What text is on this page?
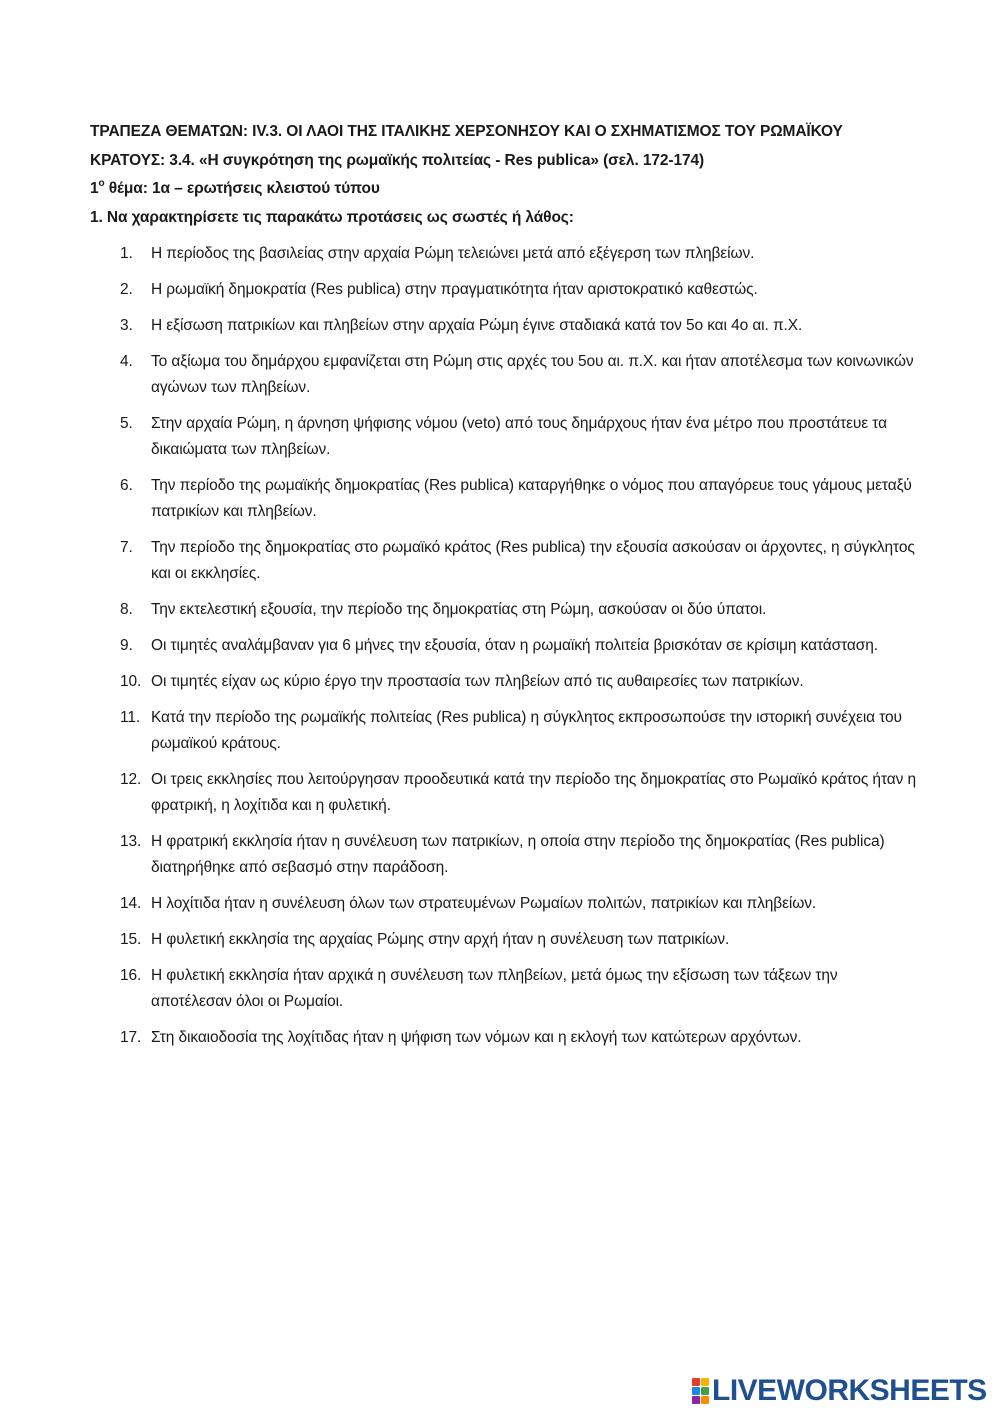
ΤΡΑΠΕΖΑ ΘΕΜΑΤΩΝ: IV.3. ΟΙ ΛΑΟΙ ΤΗΣ ΙΤΑΛΙΚΗΣ ΧΕΡΣΟΝΗΣΟΥ ΚΑΙ Ο ΣΧΗΜΑΤΙΣΜΟΣ ΤΟΥ ΡΩΜΑΪΚΟΥ
ΚΡΑΤΟΥΣ: 3.4. «Η συγκρότηση της ρωμαϊκής πολιτείας - Res publica» (σελ. 172-174)
$1^o$ θέμα: 1α – ερωτήσεις κλειστού τύπου
1. Να χαρακτηρίσετε τις παρακάτω προτάσεις ως σωστές ή λάθος:
1. Η περίοδος της βασιλείας στην αρχαία Ρώμη τελειώνει μετά από εξέγερση των πληβείων.
2. Η ρωμαϊκή δημοκρατία (Res publica) στην πραγματικότητα ήταν αριστοκρατικό καθεστώς.
3. Η εξίσωση πατρικίων και πληβείων στην αρχαία Ρώμη έγινε σταδιακά κατά τον 5ο και 4ο αι. π.Χ.
4. Το αξίωμα του δημάρχου εμφανίζεται στη Ρώμη στις αρχές του 5ου αι. π.Χ. και ήταν αποτέλεσμα των κοινωνικών αγώνων των πληβείων.
5. Στην αρχαία Ρώμη, η άρνηση ψήφισης νόμου (veto) από τους δημάρχους ήταν ένα μέτρο που προστάτευε τα δικαιώματα των πληβείων.
6. Την περίοδο της ρωμαϊκής δημοκρατίας (Res publica) καταργήθηκε ο νόμος που απαγόρευε τους γάμους μεταξύ πατρικίων και πληβείων.
7. Την περίοδο της δημοκρατίας στο ρωμαϊκό κράτος (Res publica) την εξουσία ασκούσαν οι άρχοντες, η σύγκλητος και οι εκκλησίες.
8. Την εκτελεστική εξουσία, την περίοδο της δημοκρατίας στη Ρώμη, ασκούσαν οι δύο ύπατοι.
9. Οι τιμητές αναλάμβαναν για 6 μήνες την εξουσία, όταν η ρωμαϊκή πολιτεία βρισκόταν σε κρίσιμη κατάσταση.
10. Οι τιμητές είχαν ως κύριο έργο την προστασία των πληβείων από τις αυθαιρεσίες των πατρικίων.
11. Κατά την περίοδο της ρωμαϊκής πολιτείας (Res publica) η σύγκλητος εκπροσωπούσε την ιστορική συνέχεια του ρωμαϊκού κράτους.
12. Οι τρεις εκκλησίες που λειτούργησαν προοδευτικά κατά την περίοδο της δημοκρατίας στο Ρωμαϊκό κράτος ήταν η φρατρική, η λοχίτιδα και η φυλετική.
13. Η φρατρική εκκλησία ήταν η συνέλευση των πατρικίων, η οποία στην περίοδο της δημοκρατίας (Res publica) διατηρήθηκε από σεβασμό στην παράδοση.
14. Η λοχίτιδα ήταν η συνέλευση όλων των στρατευμένων Ρωμαίων πολιτών, πατρικίων και πληβείων.
15. Η φυλετική εκκλησία της αρχαίας Ρώμης στην αρχή ήταν η συνέλευση των πατρικίων.
16. Η φυλετική εκκλησία ήταν αρχικά η συνέλευση των πληβείων, μετά όμως την εξίσωση των τάξεων την αποτέλεσαν όλοι οι Ρωμαίοι.
17. Στη δικαιοδοσία της λοχίτιδας ήταν η ψήφιση των νόμων και η εκλογή των κατώτερων αρχόντων.
LIVEWORKSHEETS
